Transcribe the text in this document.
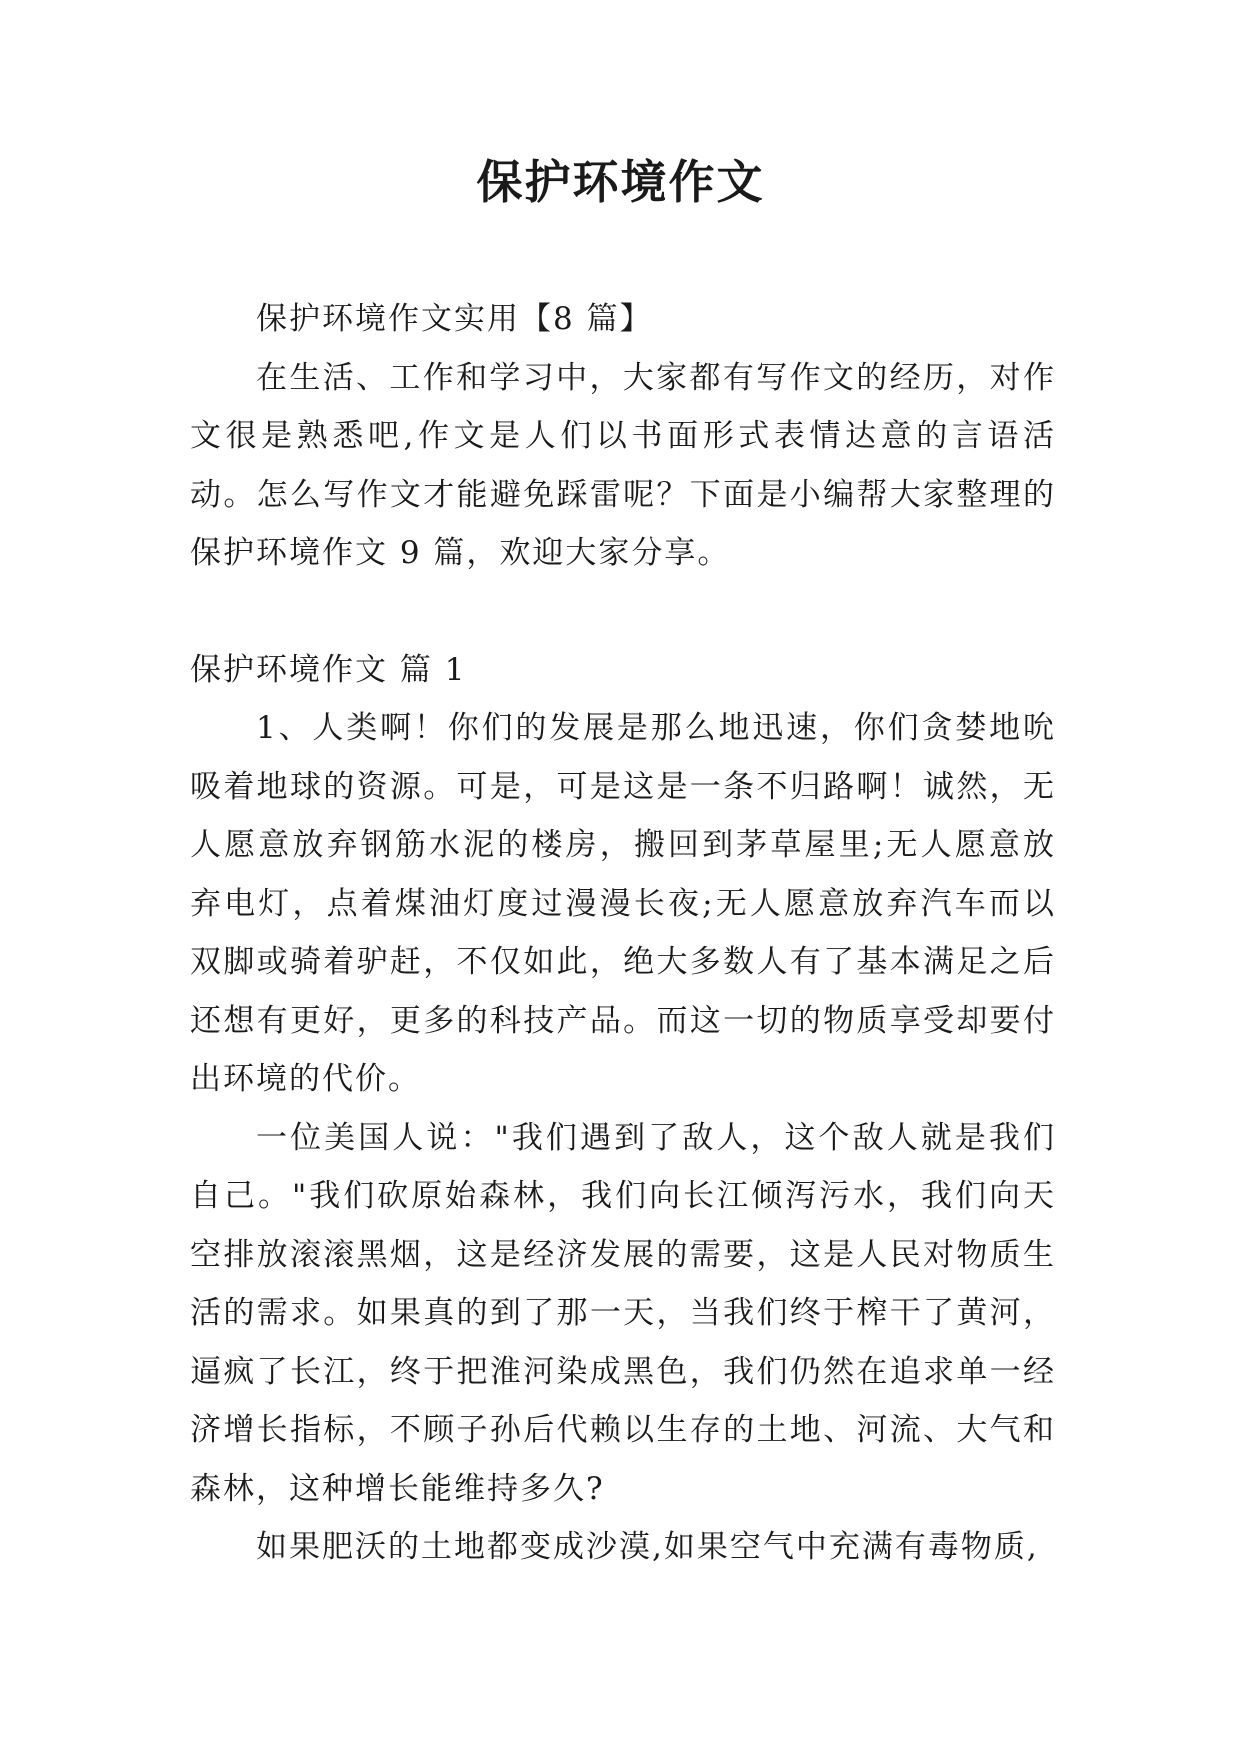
保护环境作文

保护环境作文实用【8 篇】

在生活、工作和学习中，大家都有写作文的经历，对作文很是熟悉吧,作文是人们以书面形式表情达意的言语活动。怎么写作文才能避免踩雷呢？下面是小编帮大家整理的保护环境作文 9 篇，欢迎大家分享。

保护环境作文 篇 1

1、人类啊！你们的发展是那么地迅速，你们贪婪地吮吸着地球的资源。可是，可是这是一条不归路啊！诚然，无人愿意放弃钢筋水泥的楼房，搬回到茅草屋里;无人愿意放弃电灯，点着煤油灯度过漫漫长夜;无人愿意放弃汽车而以双脚或骑着驴赶，不仅如此，绝大多数人有了基本满足之后还想有更好，更多的科技产品。而这一切的物质享受却要付出环境的代价。

一位美国人说："我们遇到了敌人，这个敌人就是我们自己。"我们砍原始森林，我们向长江倾泻污水，我们向天空排放滚滚黑烟，这是经济发展的需要，这是人民对物质生活的需求。如果真的到了那一天，当我们终于榨干了黄河，逼疯了长江，终于把淮河染成黑色，我们仍然在追求单一经济增长指标，不顾子孙后代赖以生存的土地、河流、大气和森林，这种增长能维持多久?

如果肥沃的土地都变成沙漠,如果空气中充满有毒物质,
